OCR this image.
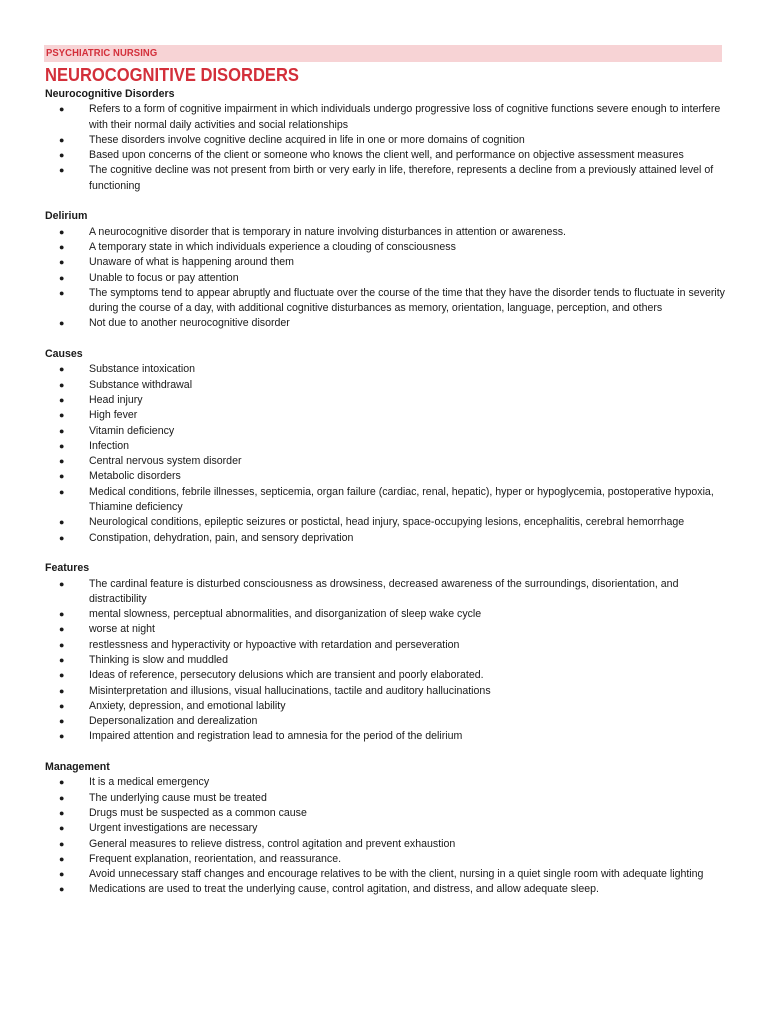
PSYCHIATRIC NURSING
NEUROCOGNITIVE DISORDERS
Neurocognitive Disorders
● Refers to a form of cognitive impairment in which individuals undergo progressive loss of cognitive functions severe enough to interfere with their normal daily activities and social relationships
● These disorders involve cognitive decline acquired in life in one or more domains of cognition
● Based upon concerns of the client or someone who knows the client well, and performance on objective assessment measures
● The cognitive decline was not present from birth or very early in life, therefore, represents a decline from a previously attained level of functioning
Delirium
● A neurocognitive disorder that is temporary in nature involving disturbances in attention or awareness.
● A temporary state in which individuals experience a clouding of consciousness
● Unaware of what is happening around them
● Unable to focus or pay attention
● The symptoms tend to appear abruptly and fluctuate over the course of the time that they have the disorder tends to fluctuate in severity during the course of a day, with additional cognitive disturbances as memory, orientation, language, perception, and others
● Not due to another neurocognitive disorder
Causes
● Substance intoxication
● Substance withdrawal
● Head injury
● High fever
● Vitamin deficiency
● Infection
● Central nervous system disorder
● Metabolic disorders
● Medical conditions, febrile illnesses, septicemia, organ failure (cardiac, renal, hepatic), hyper or hypoglycemia, postoperative hypoxia, Thiamine deficiency
● Neurological conditions, epileptic seizures or postictal, head injury, space-occupying lesions, encephalitis, cerebral hemorrhage
● Constipation, dehydration, pain, and sensory deprivation
Features
● The cardinal feature is disturbed consciousness as drowsiness, decreased awareness of the surroundings, disorientation, and distractibility
● mental slowness, perceptual abnormalities, and disorganization of sleep wake cycle
● worse at night
● restlessness and hyperactivity or hypoactive with retardation and perseveration
● Thinking is slow and muddled
● Ideas of reference, persecutory delusions which are transient and poorly elaborated.
● Misinterpretation and illusions, visual hallucinations, tactile and auditory hallucinations
● Anxiety, depression, and emotional lability
● Depersonalization and derealization
● Impaired attention and registration lead to amnesia for the period of the delirium
Management
● It is a medical emergency
● The underlying cause must be treated
● Drugs must be suspected as a common cause
● Urgent investigations are necessary
● General measures to relieve distress, control agitation and prevent exhaustion
● Frequent explanation, reorientation, and reassurance.
● Avoid unnecessary staff changes and encourage relatives to be with the client, nursing in a quiet single room with adequate lighting
● Medications are used to treat the underlying cause, control agitation, and distress, and allow adequate sleep.
